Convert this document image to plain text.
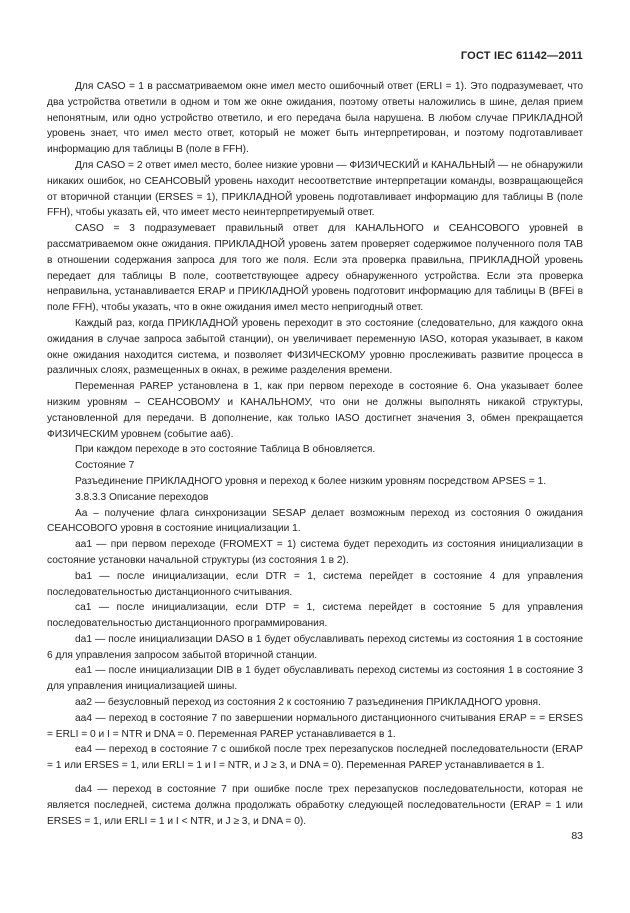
ГОСТ IEC 61142—2011

Для CASO = 1 в рассматриваемом окне имел место ошибочный ответ (ERLI = 1). Это подразумевает, что два устройства ответили в одном и том же окне ожидания, поэтому ответы наложились в шине, делая прием непонятным, или одно устройство ответило, и его передача была нарушена. В любом случае ПРИКЛАДНОЙ уровень знает, что имел место ответ, который не может быть интерпретирован, и поэтому подготавливает информацию для таблицы B (поле в FFH).

Для CASO = 2 ответ имел место, более низкие уровни — ФИЗИЧЕСКИЙ и КАНАЛЬНЫЙ — не обнаружили никаких ошибок, но СЕАНСОВЫЙ уровень находит несоответствие интерпретации команды, возвращающейся от вторичной станции (ERSES = 1), ПРИКЛАДНОЙ уровень подготавливает информацию для таблицы B (поле FFH), чтобы указать ей, что имеет место неинтерпретируемый ответ.

CASO = 3 подразумевает правильный ответ для КАНАЛЬНОГО и СЕАНСОВОГО уровней в рассматриваемом окне ожидания. ПРИКЛАДНОЙ уровень затем проверяет содержимое полученного поля TAB в отношении содержания запроса для того же поля. Если эта проверка правильна, ПРИКЛАДНОЙ уровень передает для таблицы B поле, соответствующее адресу обнаруженного устройства. Если эта проверка неправильна, устанавливается ERAP и ПРИКЛАДНОЙ уровень подготовит информацию для таблицы B (BFEi в поле FFH), чтобы указать, что в окне ожидания имел место непригодный ответ.

Каждый раз, когда ПРИКЛАДНОЙ уровень переходит в это состояние (следовательно, для каждого окна ожидания в случае запроса забытой станции), он увеличивает переменную IASO, которая указывает, в каком окне ожидания находится система, и позволяет ФИЗИЧЕСКОМУ уровню прослеживать развитие процесса в различных слоях, размещенных в окнах, в режиме разделения времени.

Переменная PAREP установлена в 1, как при первом переходе в состояние 6. Она указывает более низким уровням – СЕАНСОВОМУ и КАНАЛЬНОМУ, что они не должны выполнять никакой структуры, установленной для передачи. В дополнение, как только IASO достигнет значения 3, обмен прекращается ФИЗИЧЕСКИМ уровнем (событие aa6).

При каждом переходе в это состояние Таблица B обновляется.

Состояние 7

Разъединение ПРИКЛАДНОГО уровня и переход к более низким уровням посредством APSES = 1.

3.8.3.3 Описание переходов

Aa – получение флага синхронизации SESAP делает возможным переход из состояния 0 ожидания СЕАНСОВОГО уровня в состояние инициализации 1.

aa1 — при первом переходе (FROMEXT = 1) система будет переходить из состояния инициализации в состояние установки начальной структуры (из состояния 1 в 2).

ba1 — после инициализации, если DTR = 1, система перейдет в состояние 4 для управления последовательностью дистанционного считывания.

ca1 — после инициализации, если DTP = 1, система перейдет в состояние 5 для управления последовательностью дистанционного программирования.

da1 — после инициализации DASO в 1 будет обуславливать переход системы из состояния 1 в состояние 6 для управления запросом забытой вторичной станции.

ea1 — после инициализации DIB в 1 будет обуславливать переход системы из состояния 1 в состояние 3 для управления инициализацией шины.

aa2 — безусловный переход из состояния 2 к состоянию 7 разъединения ПРИКЛАДНОГО уровня.

aa4 — переход в состояние 7 по завершении нормального дистанционного считывания ERAP = = ERSES = ERLI = 0 и I = NTR и DNA = 0. Переменная PAREP устанавливается в 1.

ea4 — переход в состояние 7 с ошибкой после трех перезапусков последней последовательности (ERAP = 1 или ERSES = 1, или ERLI = 1 и I = NTR, и J ≥ 3, и DNA = 0). Переменная PAREP устанавливается в 1.

da4 — переход в состояние 7 при ошибке после трех перезапусков последовательности, которая не является последней, система должна продолжать обработку следующей последовательности (ERAP = 1 или ERSES = 1, или ERLI = 1 и I < NTR, и J ≥ 3, и DNA = 0).

83
